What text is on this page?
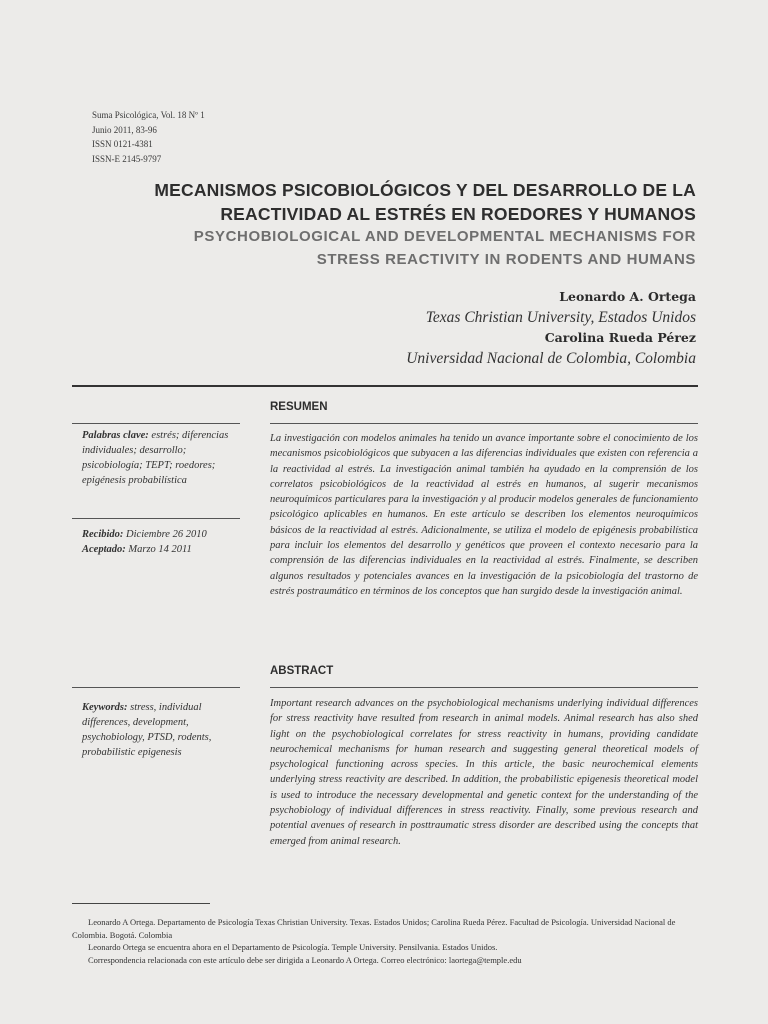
Suma Psicológica, Vol. 18 Nº 1
Junio 2011, 83-96
ISSN 0121-4381
ISSN-E 2145-9797
MECANISMOS PSICOBIOLÓGICOS Y DEL DESARROLLO DE LA
REACTIVIDAD AL ESTRÉS EN ROEDORES Y HUMANOS
PSYCHOBIOLOGICAL AND DEVELOPMENTAL MECHANISMS FOR
STRESS REACTIVITY IN RODENTS AND HUMANS
Leonardo A. Ortega
Texas Christian University, Estados Unidos
Carolina Rueda Pérez
Universidad Nacional de Colombia, Colombia
RESUMEN
Palabras clave: estrés; diferencias individuales; desarrollo; psicobiología; TEPT; roedores; epigénesis probabilística
Recibido: Diciembre 26 2010
Aceptado: Marzo 14 2011
La investigación con modelos animales ha tenido un avance importante sobre el conocimiento de los mecanismos psicobiológicos que subyacen a las diferencias individuales que existen con referencia a la reactividad al estrés. La investigación animal también ha ayudado en la comprensión de los correlatos psicobiológicos de la reactividad al estrés en humanos, al sugerir mecanismos neuroquímicos particulares para la investigación y al producir modelos generales de funcionamiento psicológico aplicables en humanos. En este artículo se describen los elementos neuroquímicos básicos de la reactividad al estrés. Adicionalmente, se utiliza el modelo de epigénesis probabilística para incluir los elementos del desarrollo y genéticos que proveen el contexto necesario para la comprensión de las diferencias individuales en la reactividad al estrés. Finalmente, se describen algunos resultados y potenciales avances en la investigación de la psicobiología del trastorno de estrés postraumático en términos de los conceptos que han surgido desde la investigación animal.
ABSTRACT
Keywords: stress, individual differences, development, psychobiology, PTSD, rodents, probabilistic epigenesis
Important research advances on the psychobiological mechanisms underlying individual differences for stress reactivity have resulted from research in animal models. Animal research has also shed light on the psychobiological correlates for stress reactivity in humans, providing candidate neurochemical mechanisms for human research and suggesting general theoretical models of psychological functioning across species. In this article, the basic neurochemical elements underlying stress reactivity are described. In addition, the probabilistic epigenesis theoretical model is used to introduce the necessary developmental and genetic context for the understanding of the psychobiology of individual differences in stress reactivity. Finally, some previous research and potential avenues of research in posttraumatic stress disorder are described using the concepts that emerged from animal research.

Leonardo A Ortega. Departamento de Psicología Texas Christian University. Texas. Estados Unidos; Carolina Rueda Pérez. Facultad de Psicología. Universidad Nacional de Colombia. Bogotá. Colombia

Leonardo Ortega se encuentra ahora en el Departamento de Psicología. Temple University. Pensilvania. Estados Unidos.

Correspondencia relacionada con este artículo debe ser dirigida a Leonardo A Ortega. Correo electrónico: laortega@temple.edu
